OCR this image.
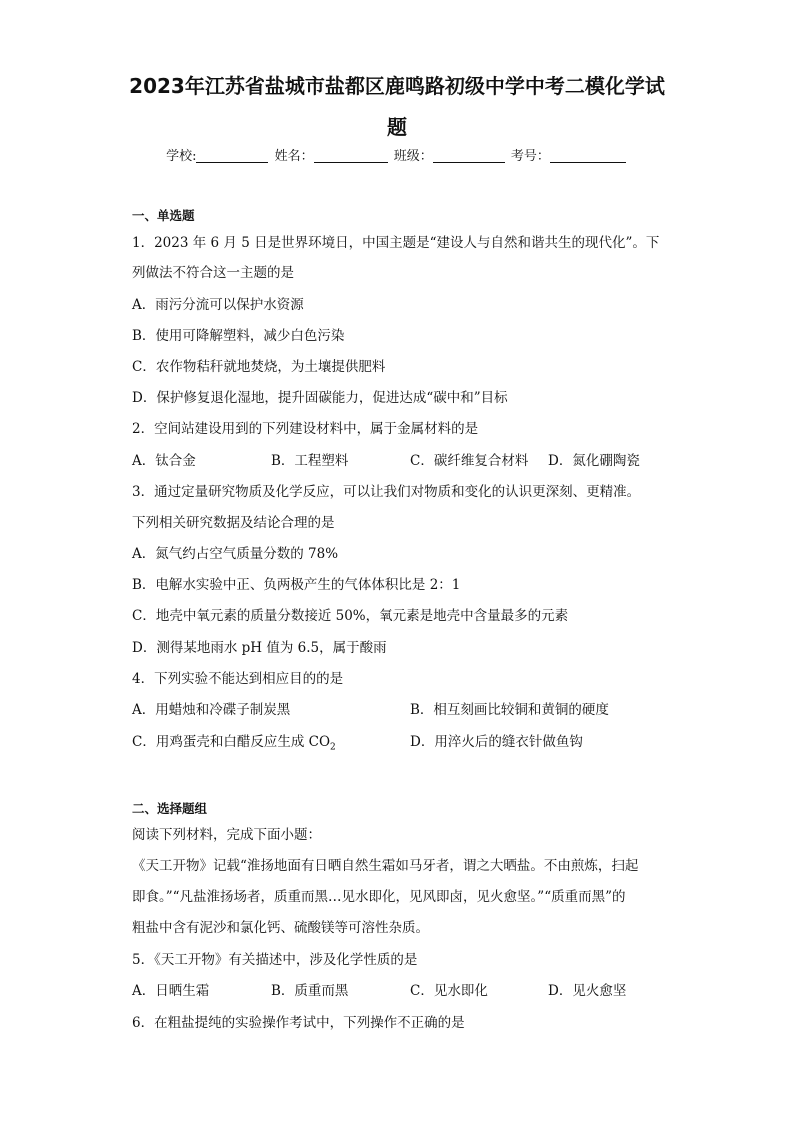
2023年江苏省盐城市盐都区鹿鸣路初级中学中考二模化学试
题
学校:	姓名：	班级：	考号：
一、单选题
1．2023 年 6 月 5 日是世界环境日，中国主题是“建设人与自然和谐共生的现代化”。下
列做法不符合这一主题的是
A．雨污分流可以保护水资源
B．使用可降解塑料，减少白色污染
C．农作物秸秆就地焚烧，为土壤提供肥料
D．保护修复退化湿地，提升固碳能力，促进达成“碳中和”目标
2．空间站建设用到的下列建设材料中，属于金属材料的是
A．钛合金	B．工程塑料	C．碳纤维复合材料 D．氮化硼陶瓷
3．通过定量研究物质及化学反应，可以让我们对物质和变化的认识更深刻、更精准。
下列相关研究数据及结论合理的是
A．氮气约占空气质量分数的 78%
B．电解水实验中正、负两极产生的气体体积比是 2：1
C．地壳中氧元素的质量分数接近 50%，氧元素是地壳中含量最多的元素
D．测得某地雨水 pH 值为 6.5，属于酸雨
4．下列实验不能达到相应目的的是
A．用蜡烛和冷碟子制炭黑	B．相互刻画比较铜和黄铜的硬度
C．用鸡蛋壳和白醋反应生成 $CO_2$	D．用淬火后的缝衣针做鱼钩
二、选择题组
阅读下列材料，完成下面小题：
《天工开物》记载“淮扬地面有日晒自然生霜如马牙者，谓之大晒盐。不由煎炼，扫起
即食。”“凡盐淮扬场者，质重而黑…见水即化，见风即卤，见火愈坚。”“质重而黑”的
粗盐中含有泥沙和氯化钙、硫酸镁等可溶性杂质。
5．《天工开物》有关描述中，涉及化学性质的是
A．日晒生霜	B．质重而黑	C．见水即化	D．见火愈坚
6．在粗盐提纯的实验操作考试中，下列操作不正确的是
